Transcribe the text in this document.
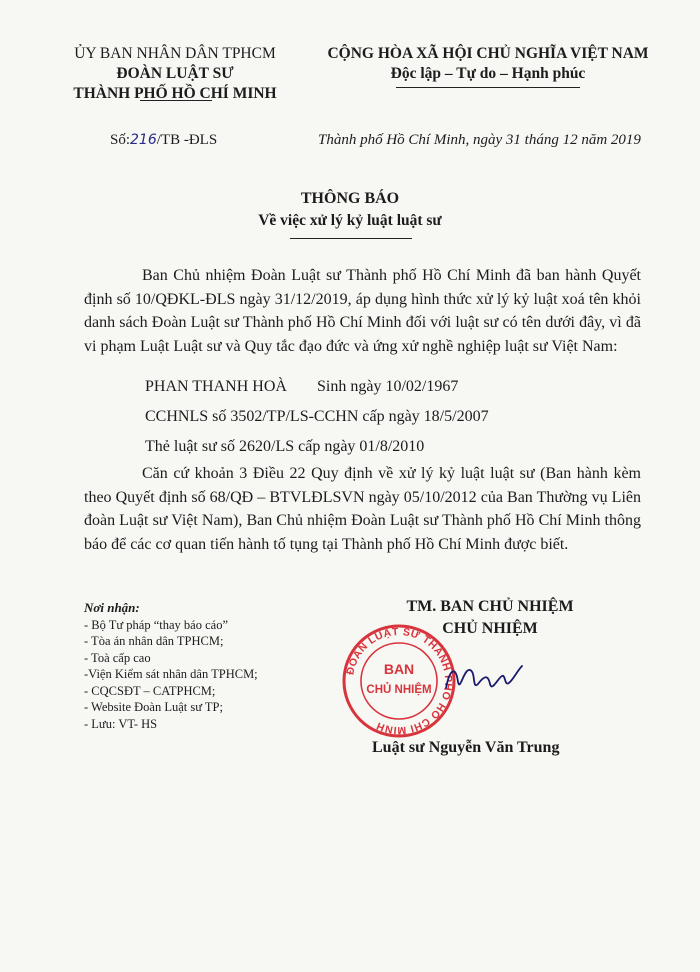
ỦY BAN NHÂN DÂN TPHCM
ĐOÀN LUẬT SƯ
THÀNH PHỐ HỒ CHÍ MINH
CỘNG HÒA XÃ HỘI CHỦ NGHĨA VIỆT NAM
Độc lập – Tự do – Hạnh phúc
Số:216/TB -ĐLS	Thành phố Hồ Chí Minh, ngày 31 tháng 12 năm 2019
THÔNG BÁO
Về việc xử lý kỷ luật luật sư
Ban Chủ nhiệm Đoàn Luật sư Thành phố Hồ Chí Minh đã ban hành Quyết định số 10/QĐKL-ĐLS ngày 31/12/2019, áp dụng hình thức xử lý kỷ luật xoá tên khỏi danh sách Đoàn Luật sư Thành phố Hồ Chí Minh đối với luật sư có tên dưới đây, vì đã vi phạm Luật Luật sư và Quy tắc đạo đức và ứng xử nghề nghiệp luật sư Việt Nam:
PHAN THANH HOÀ Sinh ngày 10/02/1967
CCHNLS số 3502/TP/LS-CCHN cấp ngày 18/5/2007
Thẻ luật sư số 2620/LS cấp ngày 01/8/2010
Căn cứ khoản 3 Điều 22 Quy định về xử lý kỷ luật luật sư (Ban hành kèm theo Quyết định số 68/QĐ – BTVLĐLSVN ngày 05/10/2012 của Ban Thường vụ Liên đoàn Luật sư Việt Nam), Ban Chủ nhiệm Đoàn Luật sư Thành phố Hồ Chí Minh thông báo để các cơ quan tiến hành tố tụng tại Thành phố Hồ Chí Minh được biết.
Nơi nhận:
- Bộ Tư pháp “thay báo cáo”
- Tòa án nhân dân TPHCM;
- Toà cấp cao
-Viện Kiểm sát nhân dân TPHCM;
- CQCSĐT – CATPHCM;
- Website Đoàn Luật sư TP;
- Lưu: VT- HS
TM. BAN CHỦ NHIỆM
CHỦ NHIỆM
ĐOÀN LUẬT SƯ THÀNH PHỐ HỒ CHÍ MINH
BAN
CHỦ NHIỆM
Luật sư Nguyễn Văn Trung
